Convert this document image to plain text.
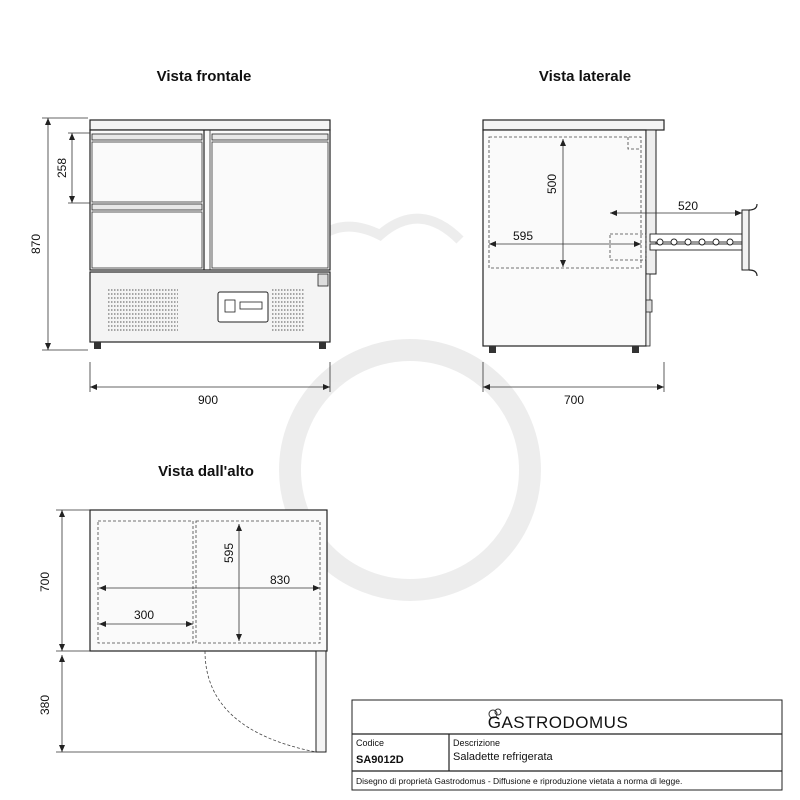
Vista frontale	Vista laterale
Vista dall'alto
870
258
900
500
595
520
700
700
380
595
830
300
GASTRODOMUS
Codice
SA9012D
Descrizione
Saladette refrigerata
Disegno di proprietà Gastrodomus - Diffusione e riproduzione vietata a norma di legge.
